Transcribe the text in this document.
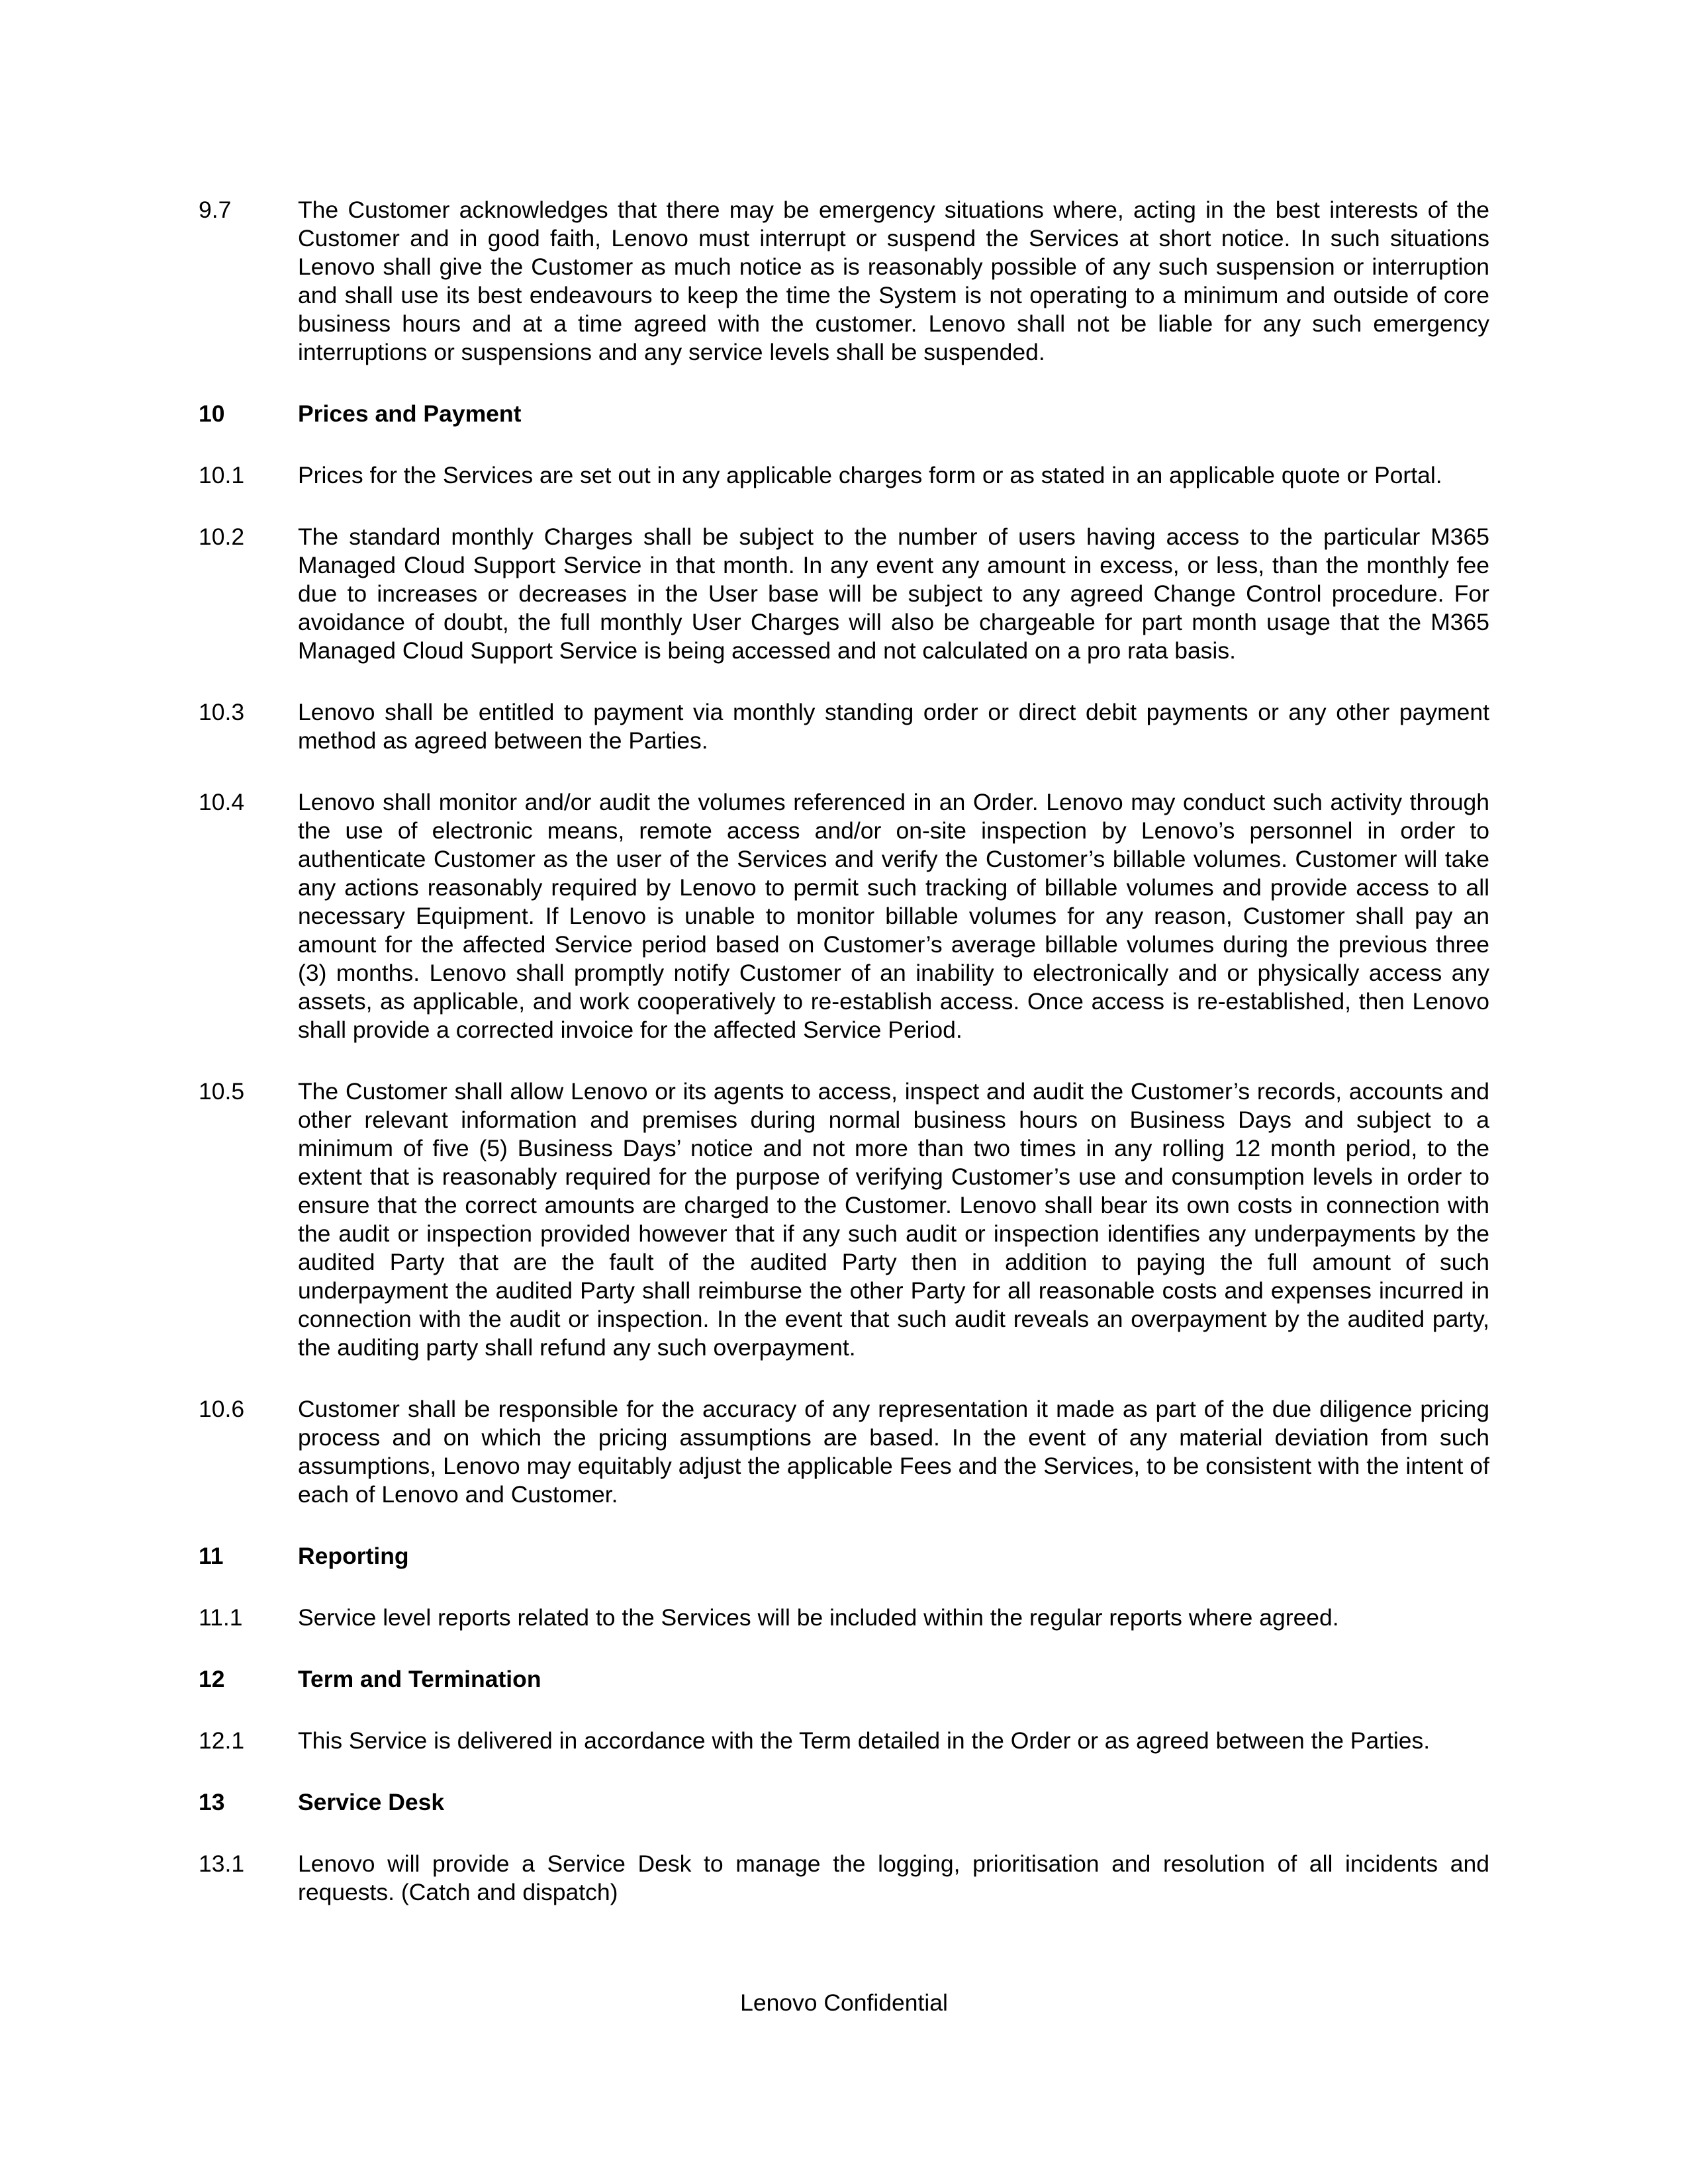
9.7	The Customer acknowledges that there may be emergency situations where, acting in the best interests of the Customer and in good faith, Lenovo must interrupt or suspend the Services at short notice. In such situations Lenovo shall give the Customer as much notice as is reasonably possible of any such suspension or interruption and shall use its best endeavours to keep the time the System is not operating to a minimum and outside of core business hours and at a time agreed with the customer. Lenovo shall not be liable for any such emergency interruptions or suspensions and any service levels shall be suspended.
10	Prices and Payment
10.1	Prices for the Services are set out in any applicable charges form or as stated in an applicable quote or Portal.
10.2	The standard monthly Charges shall be subject to the number of users having access to the particular M365 Managed Cloud Support Service in that month. In any event any amount in excess, or less, than the monthly fee due to increases or decreases in the User base will be subject to any agreed Change Control procedure. For avoidance of doubt, the full monthly User Charges will also be chargeable for part month usage that the M365 Managed Cloud Support Service is being accessed and not calculated on a pro rata basis.
10.3	Lenovo shall be entitled to payment via monthly standing order or direct debit payments or any other payment method as agreed between the Parties.
10.4	Lenovo shall monitor and/or audit the volumes referenced in an Order. Lenovo may conduct such activity through the use of electronic means, remote access and/or on-site inspection by Lenovo’s personnel in order to authenticate Customer as the user of the Services and verify the Customer’s billable volumes. Customer will take any actions reasonably required by Lenovo to permit such tracking of billable volumes and provide access to all necessary Equipment. If Lenovo is unable to monitor billable volumes for any reason, Customer shall pay an amount for the affected Service period based on Customer’s average billable volumes during the previous three (3) months. Lenovo shall promptly notify Customer of an inability to electronically and or physically access any assets, as applicable, and work cooperatively to re-establish access. Once access is re-established, then Lenovo shall provide a corrected invoice for the affected Service Period.
10.5	The Customer shall allow Lenovo or its agents to access, inspect and audit the Customer’s records, accounts and other relevant information and premises during normal business hours on Business Days and subject to a minimum of five (5) Business Days’ notice and not more than two times in any rolling 12 month period, to the extent that is reasonably required for the purpose of verifying Customer’s use and consumption levels in order to ensure that the correct amounts are charged to the Customer. Lenovo shall bear its own costs in connection with the audit or inspection provided however that if any such audit or inspection identifies any underpayments by the audited Party that are the fault of the audited Party then in addition to paying the full amount of such underpayment the audited Party shall reimburse the other Party for all reasonable costs and expenses incurred in connection with the audit or inspection. In the event that such audit reveals an overpayment by the audited party, the auditing party shall refund any such overpayment.
10.6	Customer shall be responsible for the accuracy of any representation it made as part of the due diligence pricing process and on which the pricing assumptions are based. In the event of any material deviation from such assumptions, Lenovo may equitably adjust the applicable Fees and the Services, to be consistent with the intent of each of Lenovo and Customer.
11	Reporting
11.1	Service level reports related to the Services will be included within the regular reports where agreed.
12	Term and Termination
12.1	This Service is delivered in accordance with the Term detailed in the Order or as agreed between the Parties.
13	Service Desk
13.1	Lenovo will provide a Service Desk to manage the logging, prioritisation and resolution of all incidents and requests. (Catch and dispatch)
Lenovo Confidential
